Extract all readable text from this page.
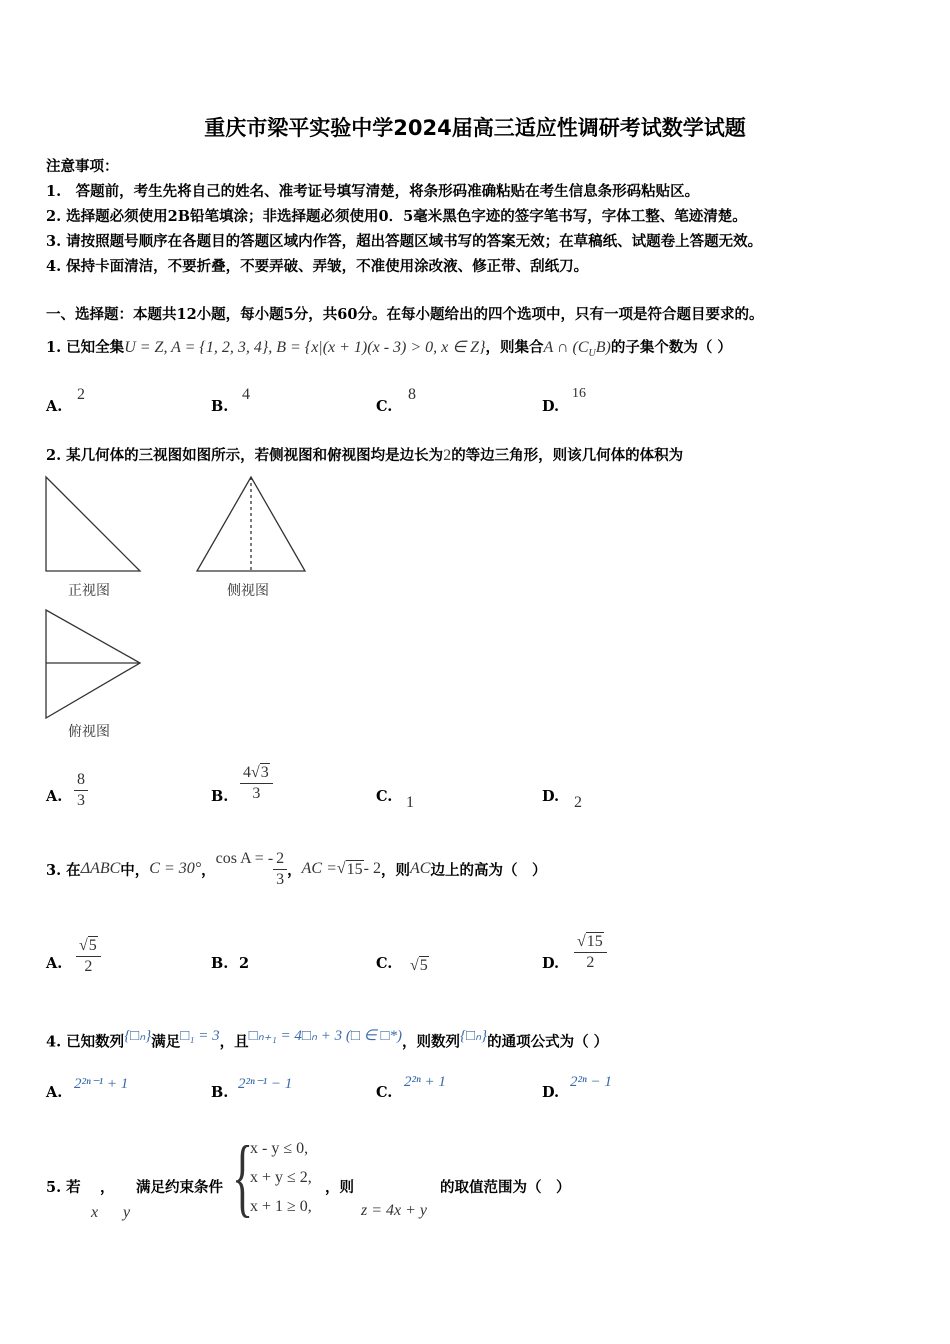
重庆市梁平实验中学2024届高三适应性调研考试数学试题
注意事项：
1.　答题前，考生先将自己的姓名、准考证号填写清楚，将条形码准确粘贴在考生信息条形码粘贴区。
2. 选择题必须使用2B铅笔填涂；非选择题必须使用0．5毫米黑色字迹的签字笔书写，字体工整、笔迹清楚。
3. 请按照题号顺序在各题目的答题区域内作答，超出答题区域书写的答案无效；在草稿纸、试题卷上答题无效。
4. 保持卡面清洁，不要折叠，不要弄破、弄皱，不准使用涂改液、修正带、刮纸刀。
一、选择题：本题共12小题，每小题5分，共60分。在每小题给出的四个选项中，只有一项是符合题目要求的。
1. 已知全集U = Z, A = {1, 2, 3, 4}, B = {x|(x + 1)(x - 3) > 0, x ∈ Z}，则集合A ∩ $(C_UB)$的子集个数为（ ）
A.
2
B.
4
C.
8
D.
16
2. 某几何体的三视图如图所示，若侧视图和俯视图均是边长为2的等边三角形，则该几何体的体积为
正视图	侧视图
俯视图
A. $\frac{8}{3}$	B. $\frac{4√3}{3}$	C. 1	D. 2
3. 在 ΔABC 中， C = 30° ，
cos A = - $\frac{2}{3}$ ， AC = √ 15 - 2 ，则 AC 边上的高为（　）
A. $\frac{√5}{2}$	B. 2	C. √5	D. $\frac{√15}{2}$
4. 已知数列$^{\{□_n\}}$满足$^{□_1 = 3}$，且$^{□_{n+1} = 4□_n + 3 (□ \in □*)}$，则数列$^{\{□_n\}}$的通项公式为（ ）
A. 2²ⁿ⁻¹ + 1	B. 2²ⁿ⁻¹ − 1	C.
2²ⁿ + 1
D.
2²ⁿ − 1
5. 若 ，
x y
满足约束条件 {
x - y ≤ 0,
x + y ≤ 2,
x + 1 ≥ 0,
，则
z = 4x + y
的取值范围为（　）
